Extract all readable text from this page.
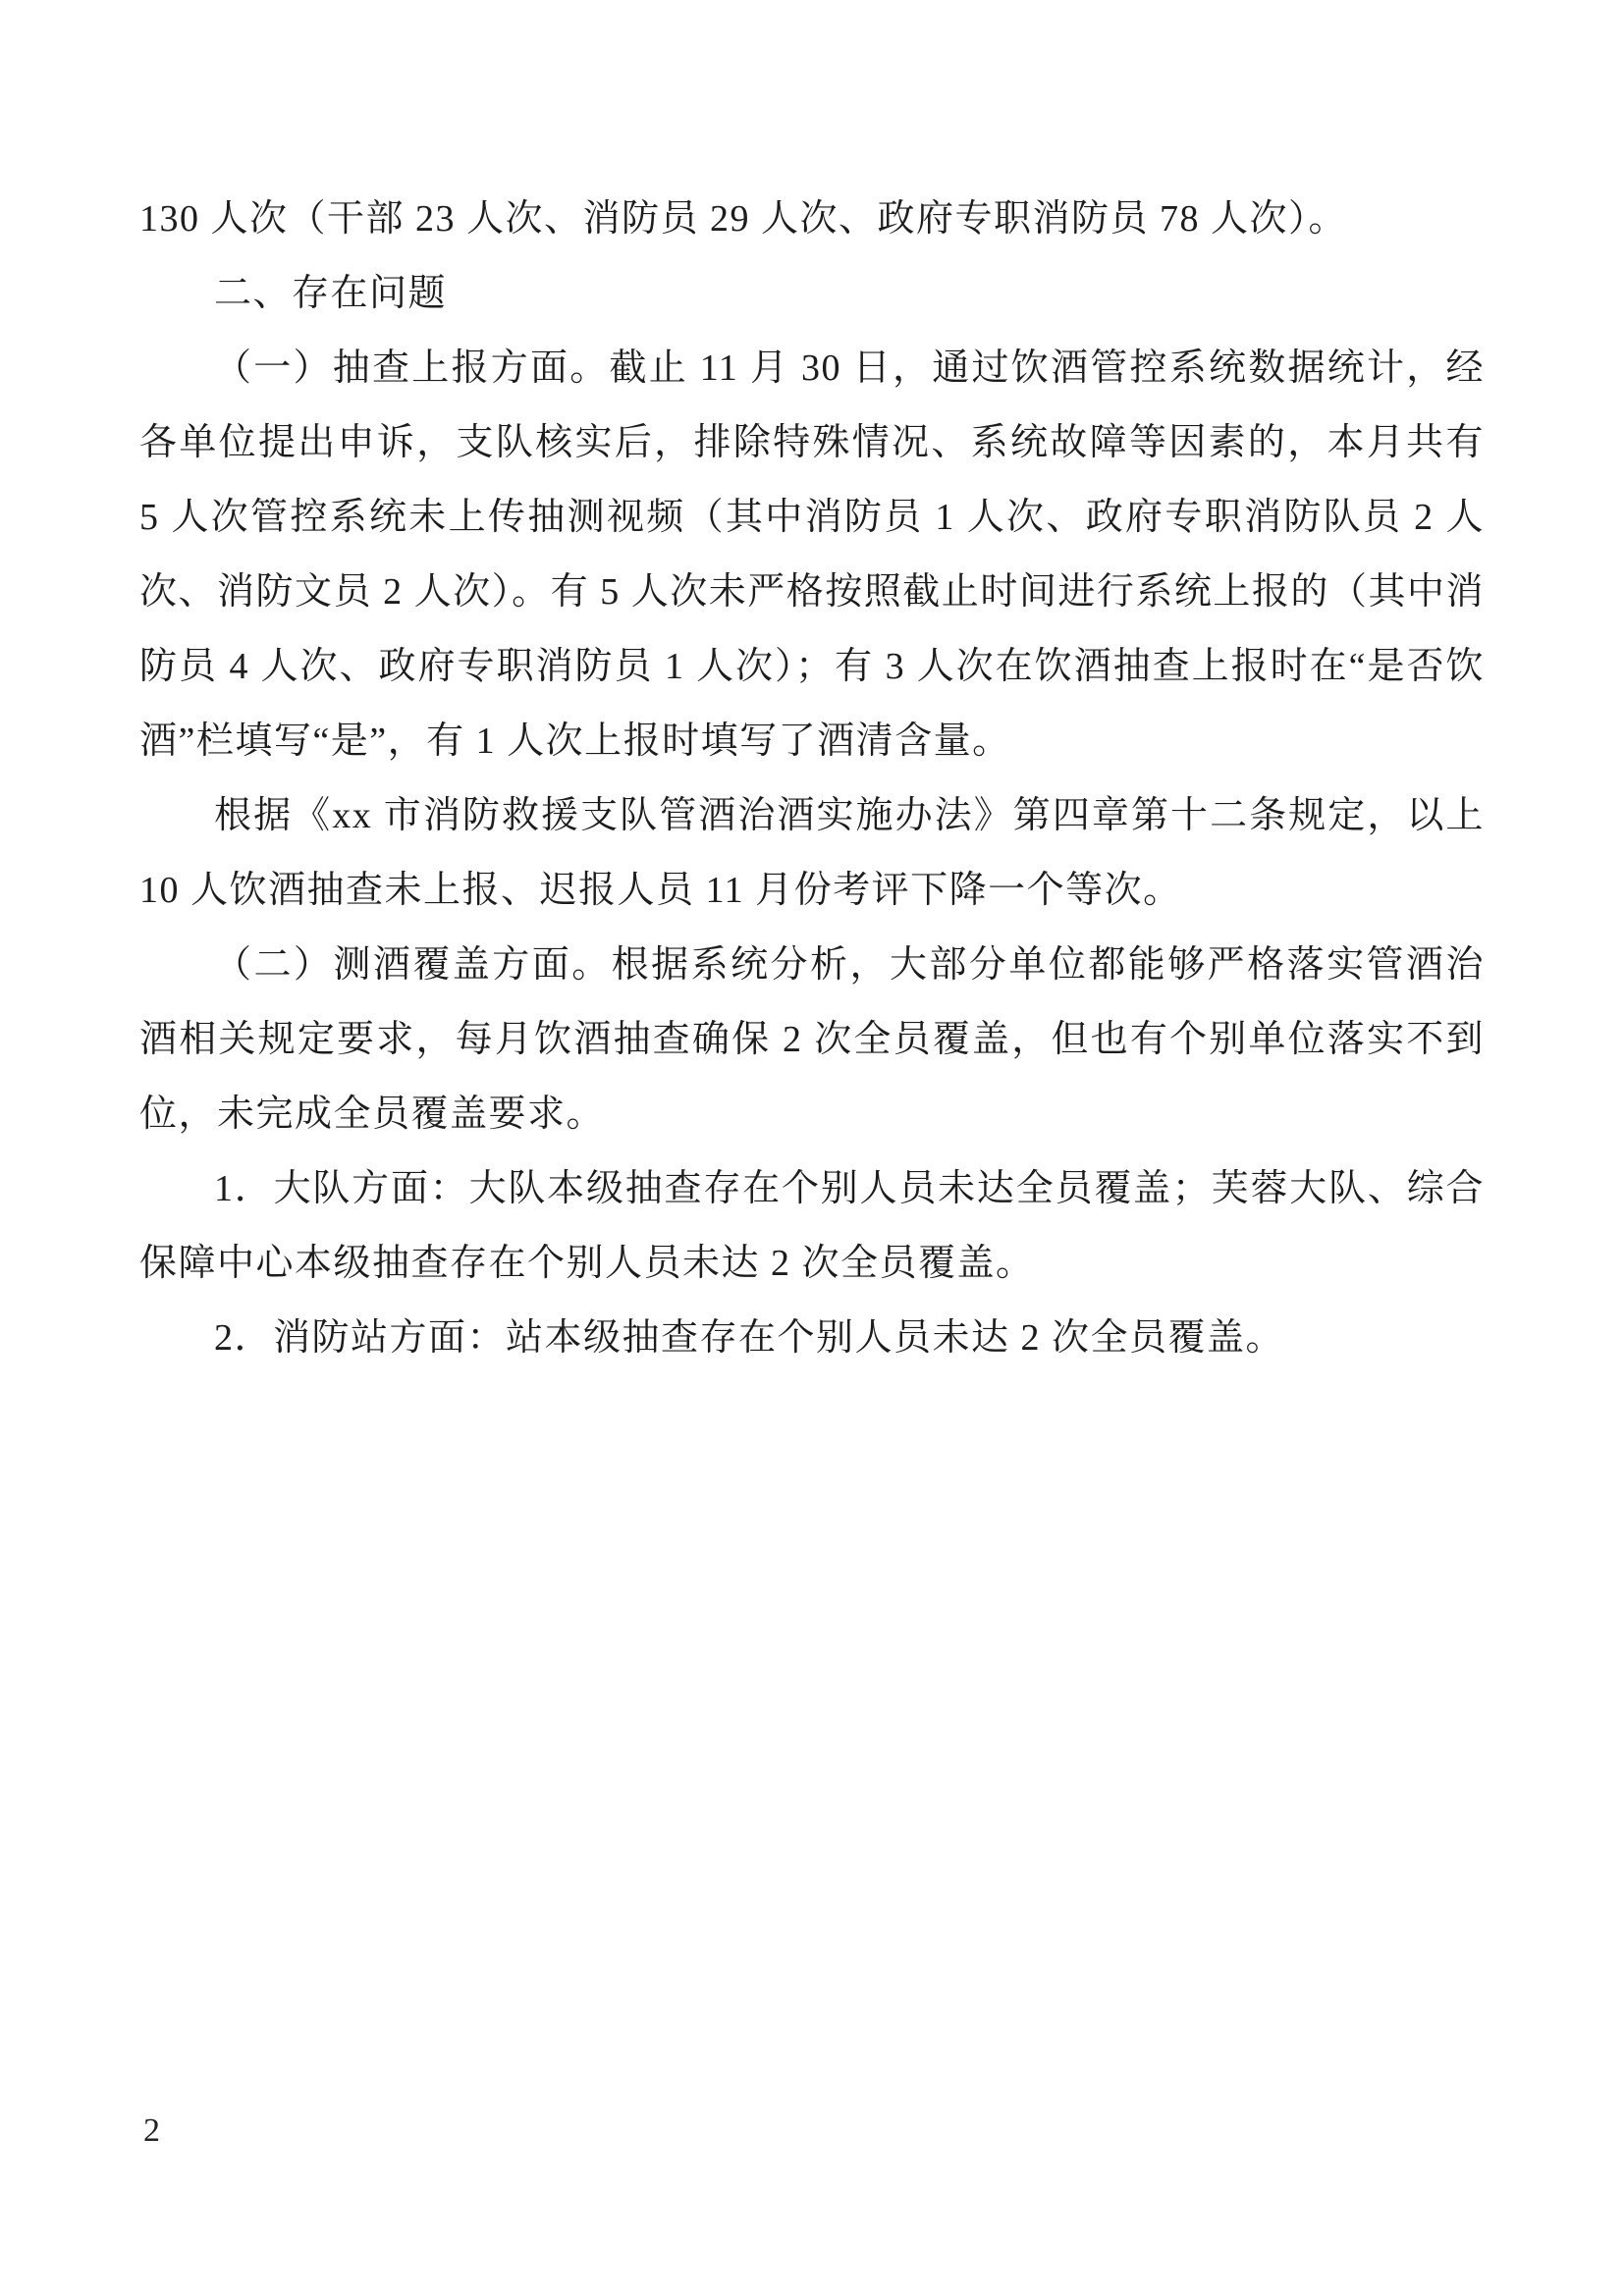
130 人次（干部 23 人次、消防员 29 人次、政府专职消防员 78 人次）。

二、存在问题

（一）抽查上报方面。截止 11 月 30 日，通过饮酒管控系统数据统计，经各单位提出申诉，支队核实后，排除特殊情况、系统故障等因素的，本月共有 5 人次管控系统未上传抽测视频（其中消防员 1 人次、政府专职消防队员 2 人次、消防文员 2 人次）。有 5 人次未严格按照截止时间进行系统上报的（其中消防员 4 人次、政府专职消防员 1 人次）；有 3 人次在饮酒抽查上报时在“是否饮酒”栏填写“是”，有 1 人次上报时填写了酒清含量。

根据《xx 市消防救援支队管酒治酒实施办法》第四章第十二条规定，以上 10 人饮酒抽查未上报、迟报人员 11 月份考评下降一个等次。

（二）测酒覆盖方面。根据系统分析，大部分单位都能够严格落实管酒治酒相关规定要求，每月饮酒抽查确保 2 次全员覆盖，但也有个别单位落实不到位，未完成全员覆盖要求。

1．大队方面：大队本级抽查存在个别人员未达全员覆盖；芙蓉大队、综合保障中心本级抽查存在个别人员未达 2 次全员覆盖。

2．消防站方面：站本级抽查存在个别人员未达 2 次全员覆盖。

2
